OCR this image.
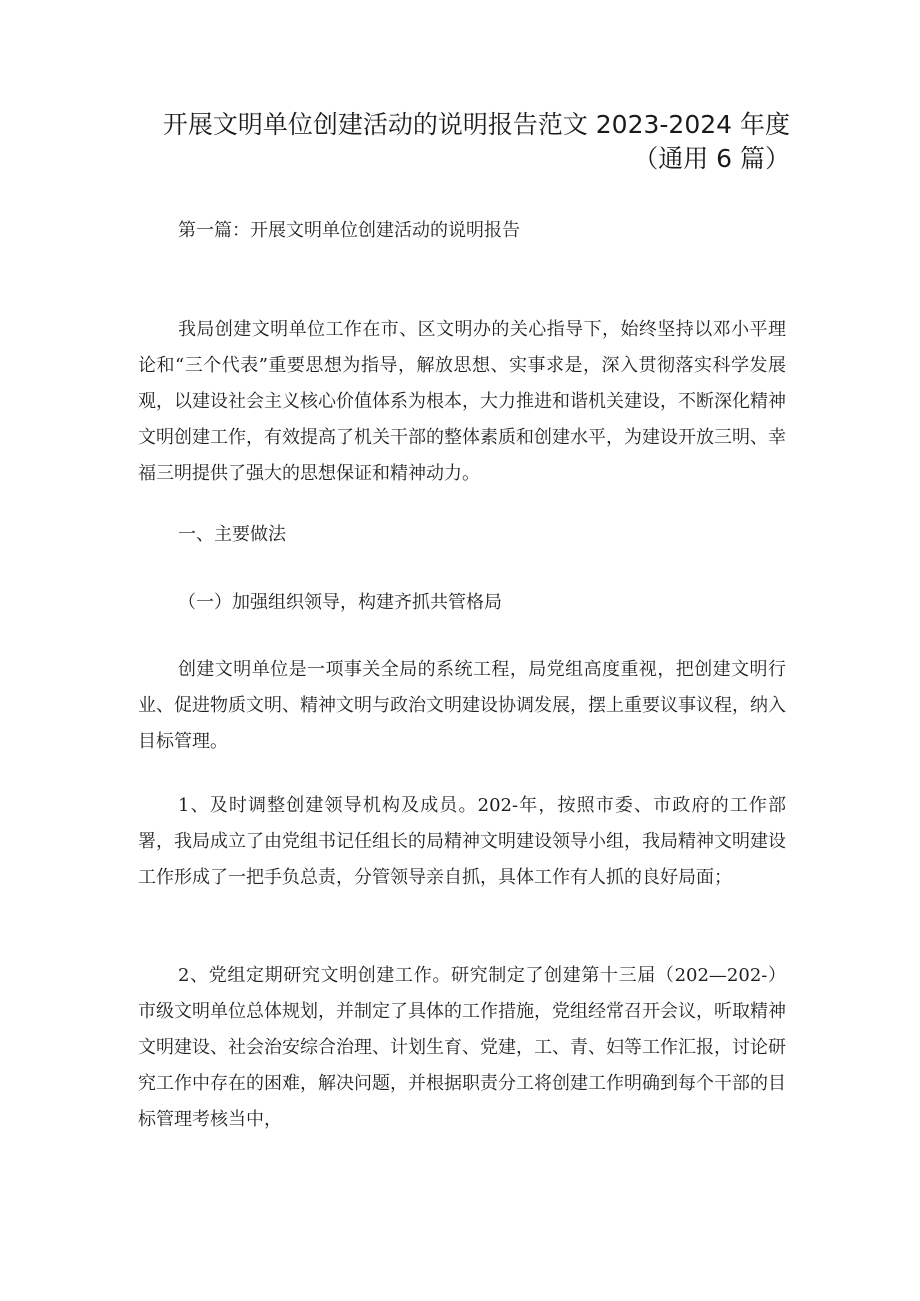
开展文明单位创建活动的说明报告范文 2023-2024 年度
（通用 6 篇）

第一篇：开展文明单位创建活动的说明报告

我局创建文明单位工作在市、区文明办的关心指导下，始终坚持以邓小平理论和“三个代表”重要思想为指导，解放思想、实事求是，深入贯彻落实科学发展观，以建设社会主义核心价值体系为根本，大力推进和谐机关建设，不断深化精神文明创建工作，有效提高了机关干部的整体素质和创建水平，为建设开放三明、幸福三明提供了强大的思想保证和精神动力。

一、主要做法

（一）加强组织领导，构建齐抓共管格局

创建文明单位是一项事关全局的系统工程，局党组高度重视，把创建文明行业、促进物质文明、精神文明与政治文明建设协调发展，摆上重要议事议程，纳入目标管理。

1、及时调整创建领导机构及成员。202-年，按照市委、市政府的工作部署，我局成立了由党组书记任组长的局精神文明建设领导小组，我局精神文明建设工作形成了一把手负总责，分管领导亲自抓，具体工作有人抓的良好局面；

2、党组定期研究文明创建工作。研究制定了创建第十三届（202—202-）市级文明单位总体规划，并制定了具体的工作措施，党组经常召开会议，听取精神文明建设、社会治安综合治理、计划生育、党建，工、青、妇等工作汇报，讨论研究工作中存在的困难，解决问题，并根据职责分工将创建工作明确到每个干部的目标管理考核当中，
